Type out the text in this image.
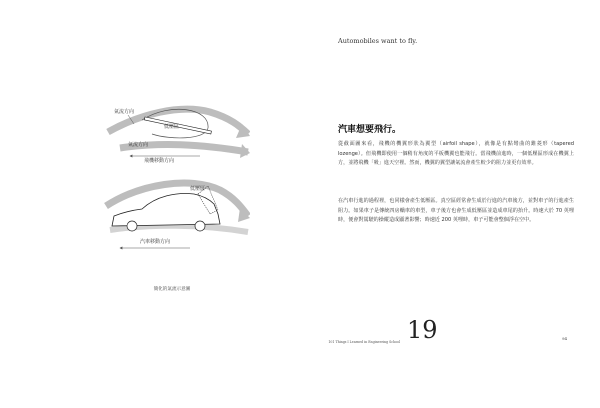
氣流方向
低壓區
氣流方向
飛機移動方向
低壓區
汽車移動方向
簡化的氣流示意圖
Automobiles want to fly.
汽車想要飛行。

從截面圖來看，飛機的機翼形狀為翼型（airfoil shape），就像是有點彎曲的錐菱形（tapered lozenge）。但飛機即使用一個稍有角度的平板機翼也能飛行。當飛機前進時，一個低壓區形成在機翼上方，並將飛機「吸」進天空裡。然而，機翼的翼型讓氣流會產生較少的阻力並更有效率。

在汽車行進的過程裡，也同樣會產生低壓區。真空區經常會生成於行進的汽車後方，並對車子的行進產生阻力。如果車子是傳統四房轎車的車型，車子後方也會生成低壓區並造成車尾的抬升。時速大於 70 英哩時，便會對駕駛的操縱造成顯著影響；時速近 200 英哩時，車子可能會整個浮在空中。

101 Things I Learned in Engineering School 19	94
